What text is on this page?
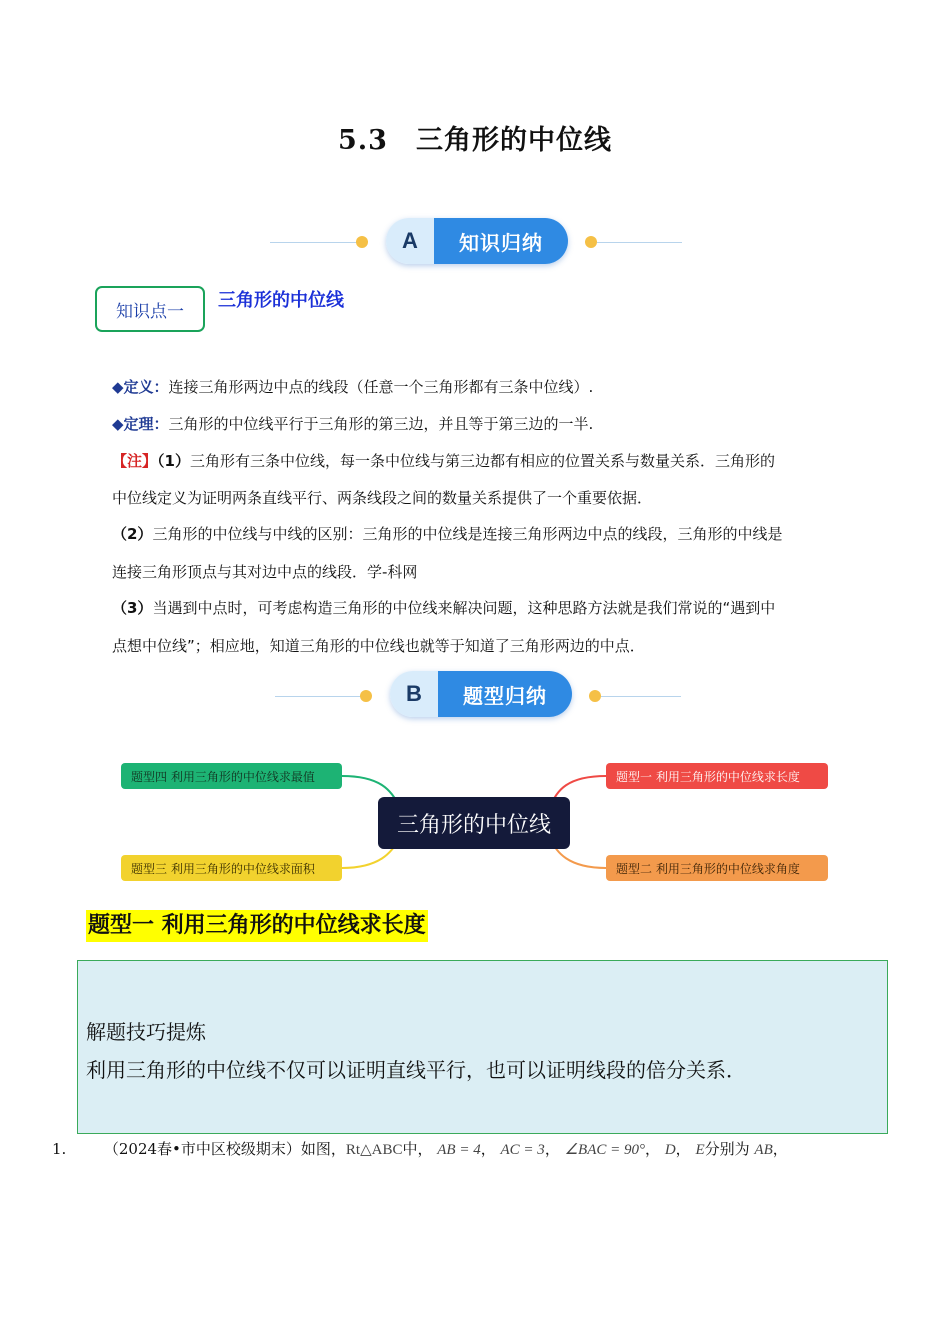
5.3　三角形的中位线
A	知识归纳
知识点一
三角形的中位线
◆定义：连接三角形两边中点的线段（任意一个三角形都有三条中位线）.
◆定理：三角形的中位线平行于三角形的第三边，并且等于第三边的一半.
【注】（1）三角形有三条中位线，每一条中位线与第三边都有相应的位置关系与数量关系．三角形的
中位线定义为证明两条直线平行、两条线段之间的数量关系提供了一个重要依据．
（2）三角形的中位线与中线的区别：三角形的中位线是连接三角形两边中点的线段，三角形的中线是
连接三角形顶点与其对边中点的线段．学-科网
（3）当遇到中点时，可考虑构造三角形的中位线来解决问题，这种思路方法就是我们常说的“遇到中
点想中位线”；相应地，知道三角形的中位线也就等于知道了三角形两边的中点．
B	题型归纳
题型四 利用三角形的中位线求最值
题型三 利用三角形的中位线求面积
题型一 利用三角形的中位线求长度
题型二 利用三角形的中位线求角度
三角形的中位线
题型一 利用三角形的中位线求长度
解题技巧提炼
利用三角形的中位线不仅可以证明直线平行，也可以证明线段的倍分关系．
1.	（2024春•市中区校级期末）如图，Rt△ABC中， AB = 4， AC = 3， ∠BAC = 90°， D， E分别为 AB，
